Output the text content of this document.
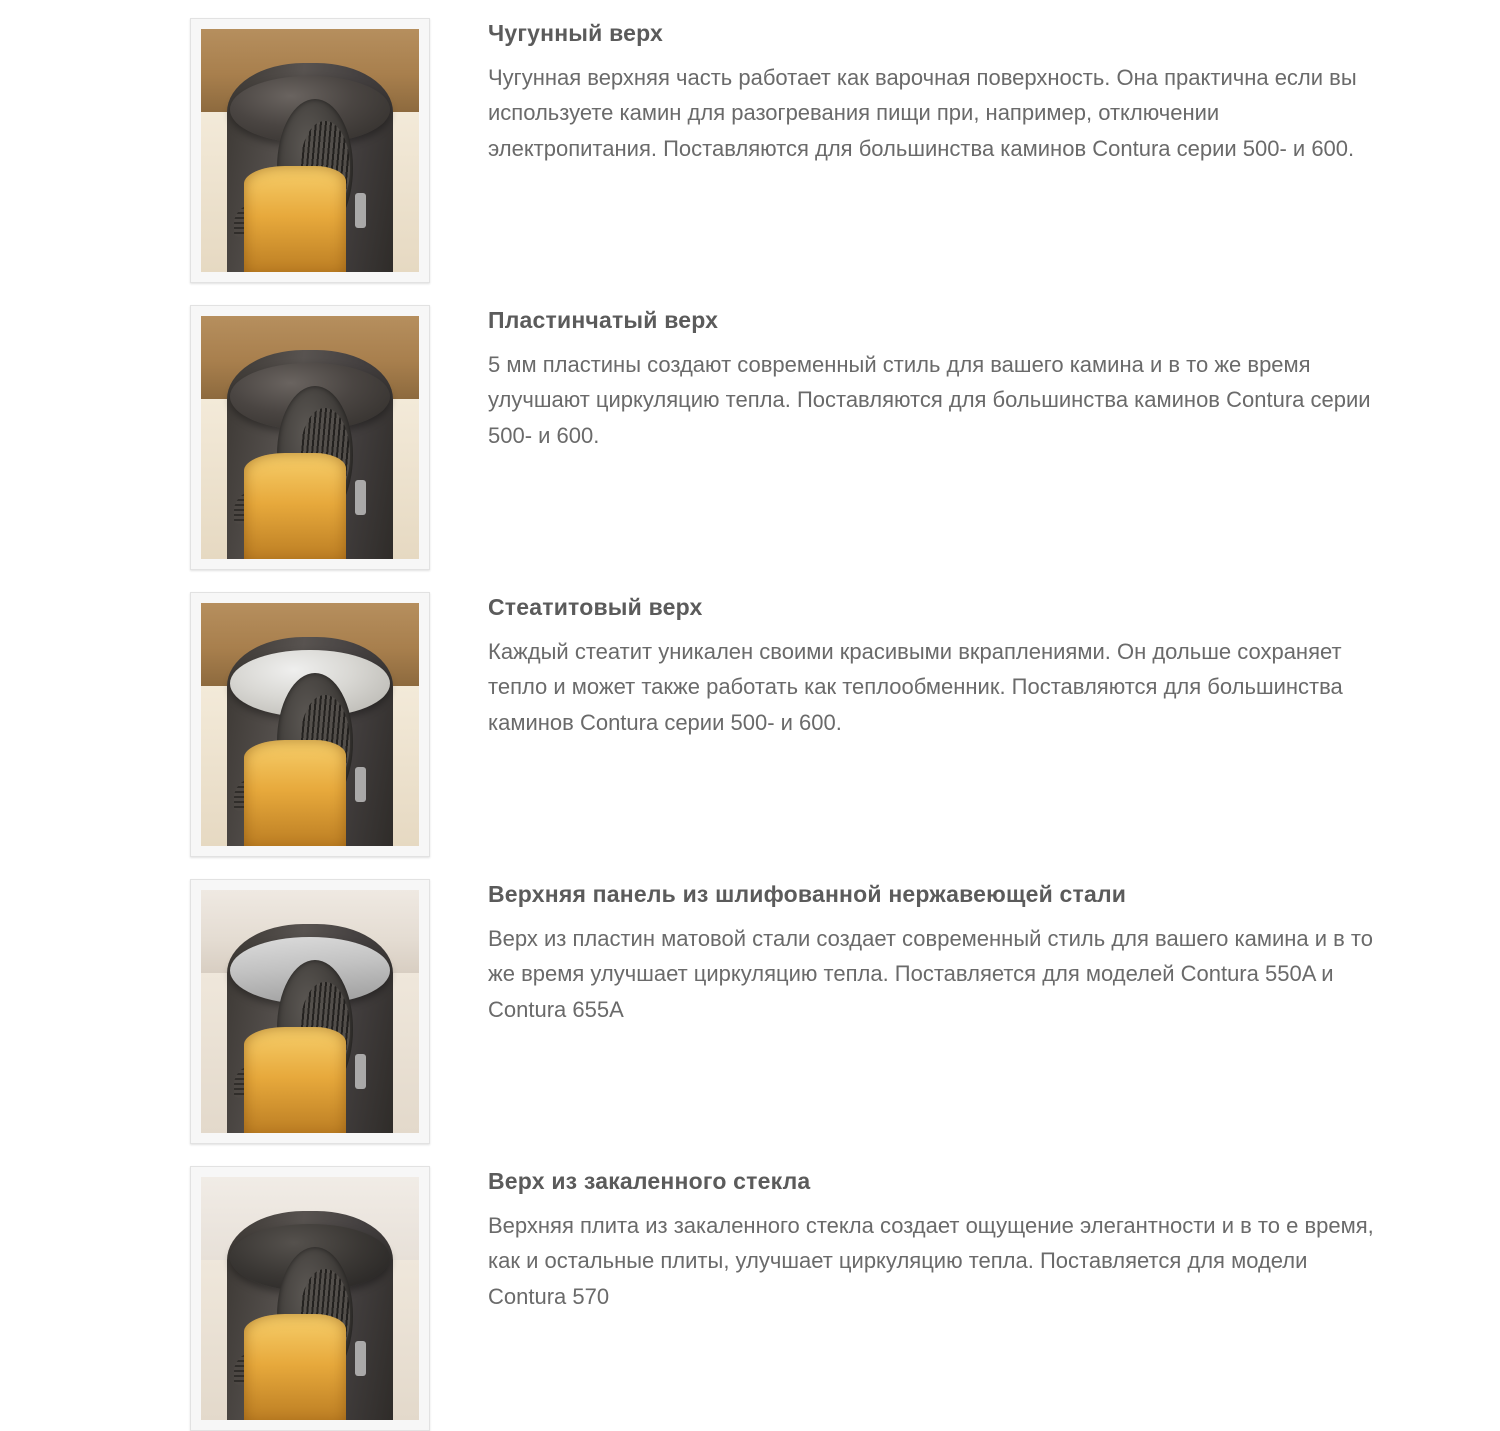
Чугунный верх

Чугунная верхняя часть работает как варочная поверхность. Она практична если вы используете камин для разогревания пищи при, например, отключении электропитания. Поставляются для большинства каминов Contura серии 500- и 600.

Пластинчатый верх

5 мм пластины создают современный стиль для вашего камина и в то же время улучшают циркуляцию тепла. Поставляются для большинства каминов Contura серии 500- и 600.

Стеатитовый верх

Каждый стеатит уникален своими красивыми вкраплениями. Он дольше сохраняет тепло и может также работать как теплообменник. Поставляются для большинства каминов Contura серии 500- и 600.

Верхняя панель из шлифованной нержавеющей стали

Верх из пластин матовой стали создает современный стиль для вашего камина и в то же время улучшает циркуляцию тепла. Поставляется для моделей Contura 550A и Contura 655A

Верх из закаленного стекла

Верхняя плита из закаленного стекла создает ощущение элегантности и в то е время, как и остальные плиты, улучшает циркуляцию тепла. Поставляется для модели Contura 570
